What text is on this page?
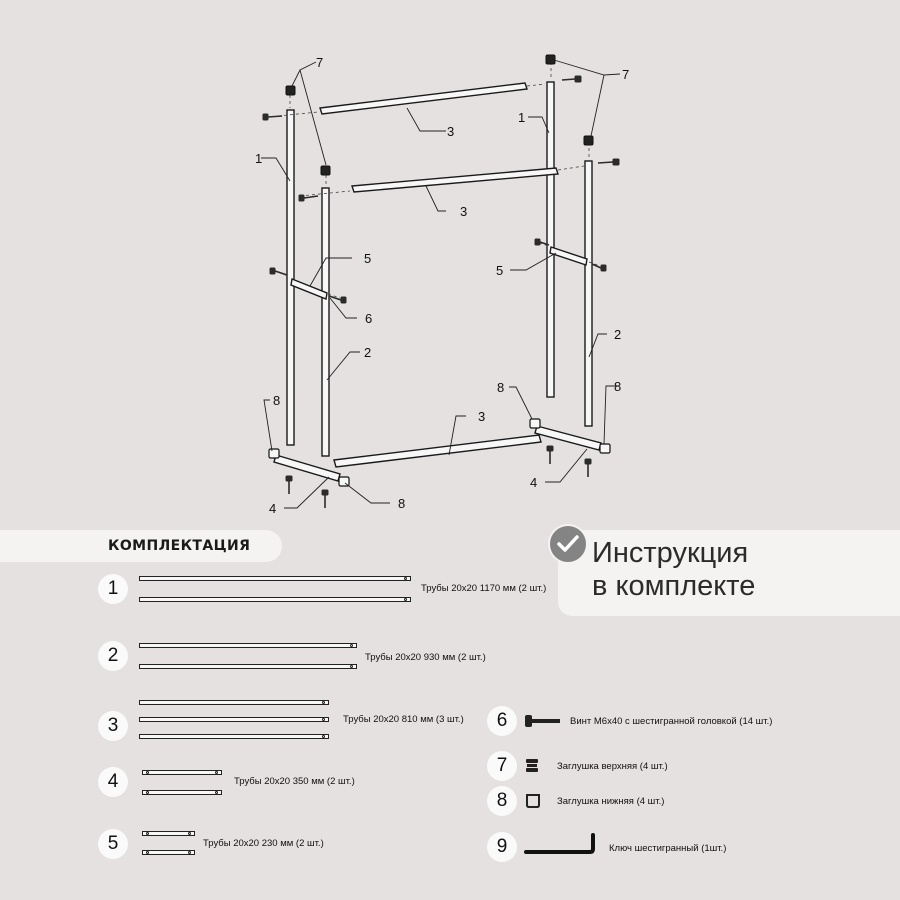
7
7
3
3
3
1
1
5
5
6
2
2
8
8
8	8
4
4
КОМПЛЕКТАЦИЯ	Инструкция
в комплекте
1	Трубы 20х20 1170 мм (2 шт.)
2	Трубы 20х20 930 мм (2 шт.)
3	Трубы 20х20 810 мм (3 шт.)
4	Трубы 20х20 350 мм (2 шт.)
5	Трубы 20х20 230 мм (2 шт.)
6	Винт М6х40 с шестигранной головкой (14 шт.)
7	Заглушка верхняя (4 шт.)
8	Заглушка нижняя (4 шт.)
9	Ключ шестигранный (1шт.)
